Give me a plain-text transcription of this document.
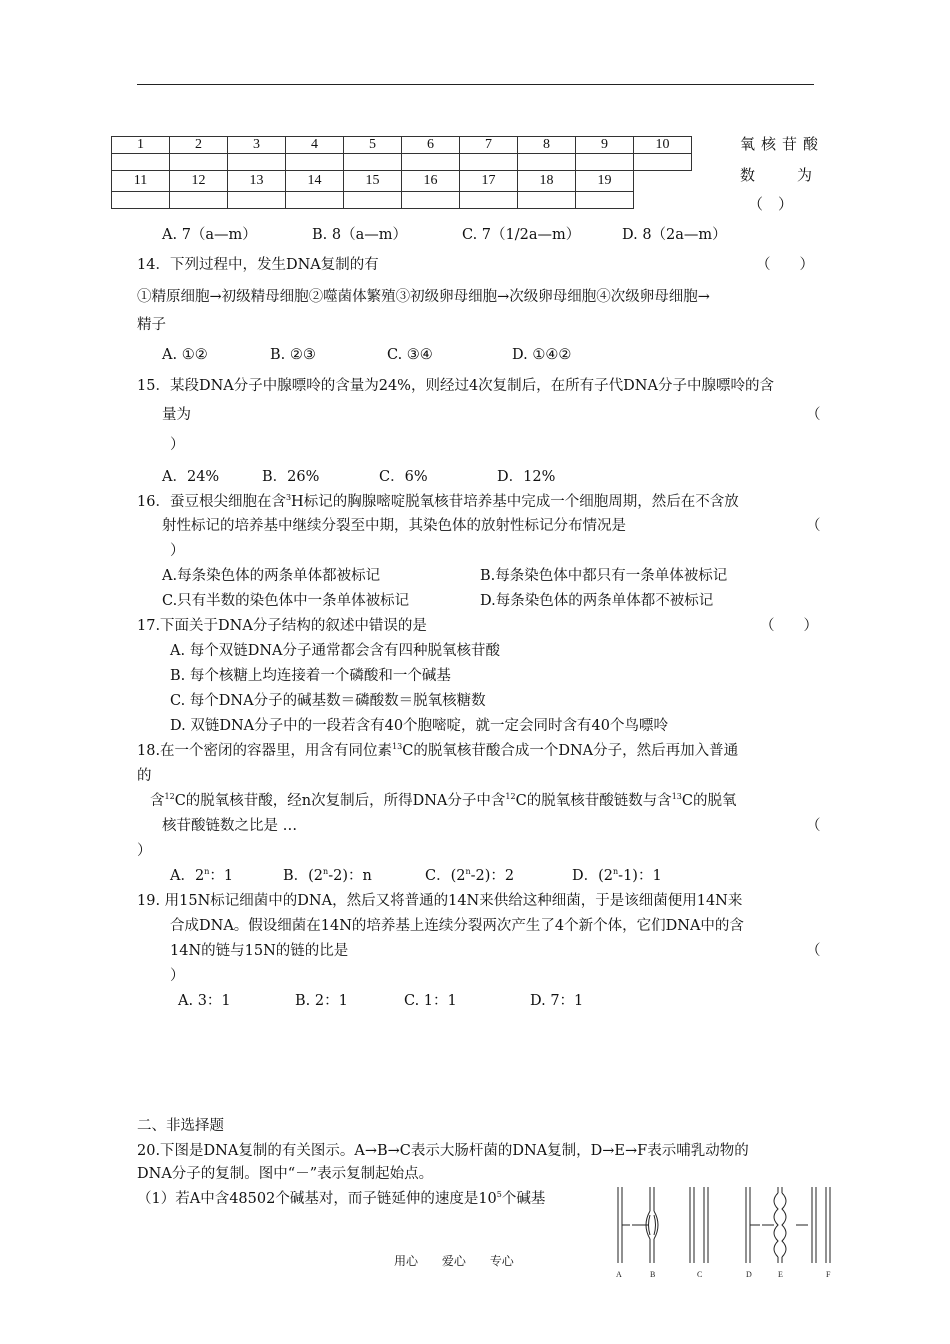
1	2	3	4	5	6	7	8	9	10

11	12	13	14	15	16	17	18	19	

氧核苷酸
数 为
（　）
A. 7（a—m）	B. 8（a—m）	C. 7（1/2a—m）	D. 8（2a—m）
14．下列过程中，发生DNA复制的有	（　　）
①精原细胞→初级精母细胞②噬菌体繁殖③初级卵母细胞→次级卵母细胞④次级卵母细胞→
精子
A. ①②	B. ②③	C. ③④	D. ①④②
15．某段DNA分子中腺嘌呤的含量为24%，则经过4次复制后，在所有子代DNA分子中腺嘌呤的含
量为	（
）
A．24%	B．26%	C．6%	D．12%
16．蚕豆根尖细胞在含$^3$H标记的胸腺嘧啶脱氧核苷培养基中完成一个细胞周期，然后在不含放
射性标记的培养基中继续分裂至中期，其染色体的放射性标记分布情况是	（
）
A.每条染色体的两条单体都被标记	B.每条染色体中都只有一条单体被标记
C.只有半数的染色体中一条单体被标记	D.每条染色体的两条单体都不被标记
17.下面关于DNA分子结构的叙述中错误的是	（　　）
A. 每个双链DNA分子通常都会含有四种脱氧核苷酸
B. 每个核糖上均连接着一个磷酸和一个碱基
C. 每个DNA分子的碱基数＝磷酸数＝脱氧核糖数
D. 双链DNA分子中的一段若含有40个胞嘧啶，就一定会同时含有40个鸟嘌呤
18.在一个密闭的容器里，用含有同位素$^{13}$C的脱氧核苷酸合成一个DNA分子，然后再加入普通
的
含$^{12}$C的脱氧核苷酸，经n次复制后，所得DNA分子中含$^{12}$C的脱氧核苷酸链数与含$^{13}$C的脱氧
核苷酸链数之比是 …	（
）
A．2$^n$：1	B．(2$^n$-2)：n	C．(2$^n$-2)：2	D．(2$^n$-1)：1
19. 用15N标记细菌中的DNA，然后又将普通的14N来供给这种细菌，于是该细菌便用14N来
合成DNA。假设细菌在14N的培养基上连续分裂两次产生了4个新个体，它们DNA中的含
14N的链与15N的链的比是	（
）
A. 3：1	B. 2：1	C. 1：1	D. 7：1
二、非选择题
20.下图是DNA复制的有关图示。A→B→C表示大肠杆菌的DNA复制，D→E→F表示哺乳动物的
DNA分子的复制。图中“－”表示复制起始点。
（1）若A中含48502个碱基对，而子链延伸的速度是$10^5$个碱基
A	B	C	D	E	F
用心 爱心 专心
